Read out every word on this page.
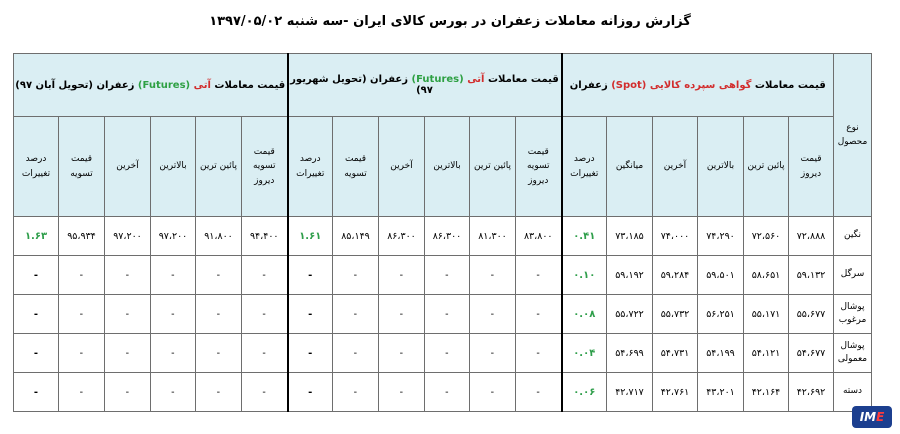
گزارش روزانه معاملات زعفران در بورس کالای ایران -سه شنبه ۱۳۹۷/۰۵/۰۲
نوع محصول	قیمت معاملات گواهی سپرده کالایی (Spot) زعفران						قیمت معاملات آتی (Futures) زعفران (تحویل شهریور ۹۷)						قیمت معاملات آتی (Futures) زعفران (تحویل آبان ۹۷)					
	قیمت دیروز	پائین ترین	بالاترین	آخرین	میانگین	درصد تغییرات	قیمت تسویه دیروز	پائین ترین	بالاترین	آخرین	قیمت تسویه	درصد تغییرات	قیمت تسویه دیروز	پائین ترین	بالاترین	آخرین	قیمت تسویه	درصد تغییرات
نگین	۷۲،۸۸۸	۷۲،۵۶۰	۷۴،۲۹۰	۷۴،۰۰۰	۷۳،۱۸۵	۰.۴۱	۸۳،۸۰۰	۸۱،۳۰۰	۸۶،۳۰۰	۸۶،۳۰۰	۸۵،۱۴۹	۱.۶۱	۹۴،۴۰۰	۹۱،۸۰۰	۹۷،۲۰۰	۹۷،۲۰۰	۹۵،۹۳۴	۱.۶۳
سرگل	۵۹،۱۳۲	۵۸،۶۵۱	۵۹،۵۰۱	۵۹،۲۸۴	۵۹،۱۹۲	۰.۱۰	-	-	-	-	-	-	-	-	-	-	-	-
پوشال مرغوب	۵۵،۶۷۷	۵۵،۱۷۱	۵۶،۲۵۱	۵۵،۷۳۲	۵۵،۷۲۲	۰.۰۸	-	-	-	-	-	-	-	-	-	-	-	-
پوشال معمولی	۵۴،۶۷۷	۵۴،۱۲۱	۵۴،۱۹۹	۵۴،۷۳۱	۵۴،۶۹۹	۰.۰۴	-	-	-	-	-	-	-	-	-	-	-	-
دسته	۴۲،۶۹۲	۴۲،۱۶۴	۴۳،۲۰۱	۴۲،۷۶۱	۴۲،۷۱۷	۰.۰۶	-	-	-	-	-	-	-	-	-	-	-	-
IME
